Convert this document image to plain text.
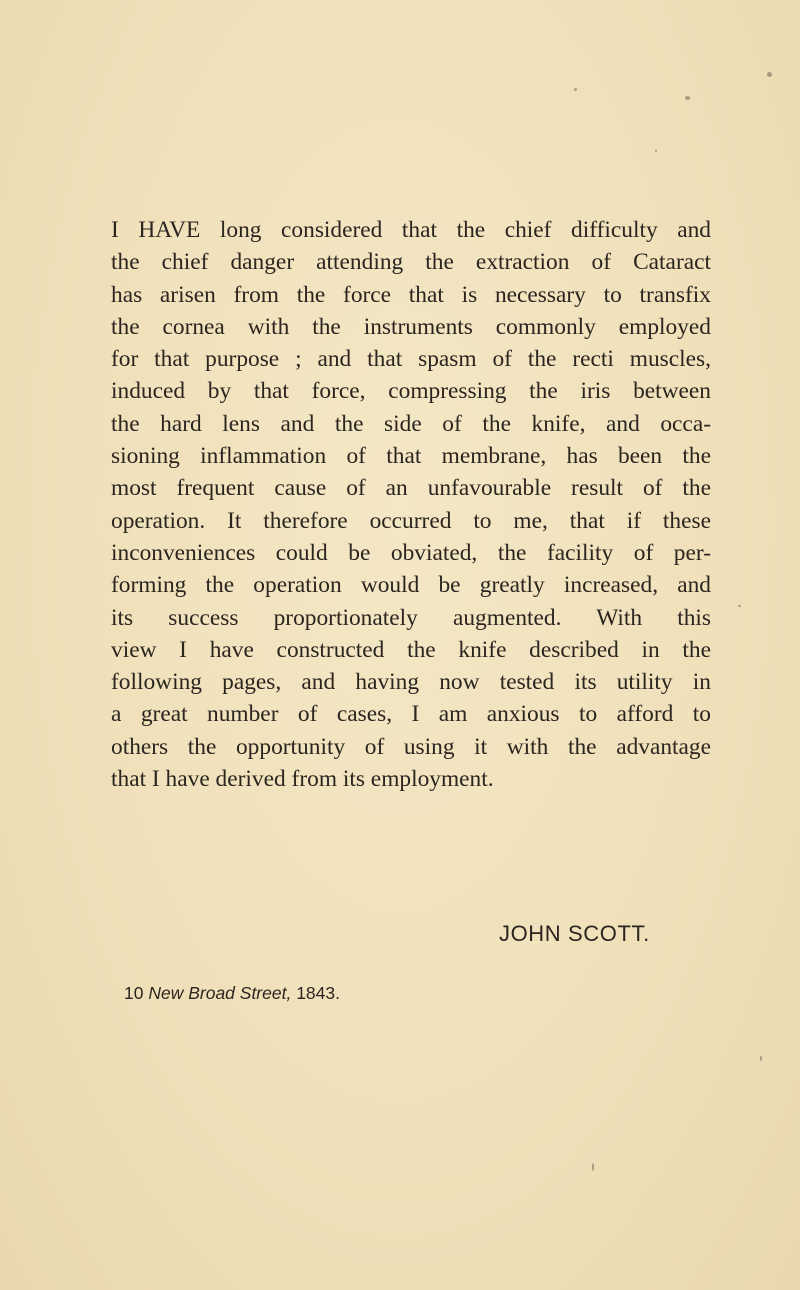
I HAVE long considered that the chief difficulty and
the chief danger attending the extraction of Cataract
has arisen from the force that is necessary to transfix
the cornea with the instruments commonly employed
for that purpose ; and that spasm of the recti muscles,
induced by that force, compressing the iris between
the hard lens and the side of the knife, and occa-
sioning inflammation of that membrane, has been the
most frequent cause of an unfavourable result of the
operation. It therefore occurred to me, that if these
inconveniences could be obviated, the facility of per-
forming the operation would be greatly increased, and
its success proportionately augmented. With this
view I have constructed the knife described in the
following pages, and having now tested its utility in
a great number of cases, I am anxious to afford to
others the opportunity of using it with the advantage
that I have derived from its employment.
JOHN SCOTT.
10 New Broad Street, 1843.
